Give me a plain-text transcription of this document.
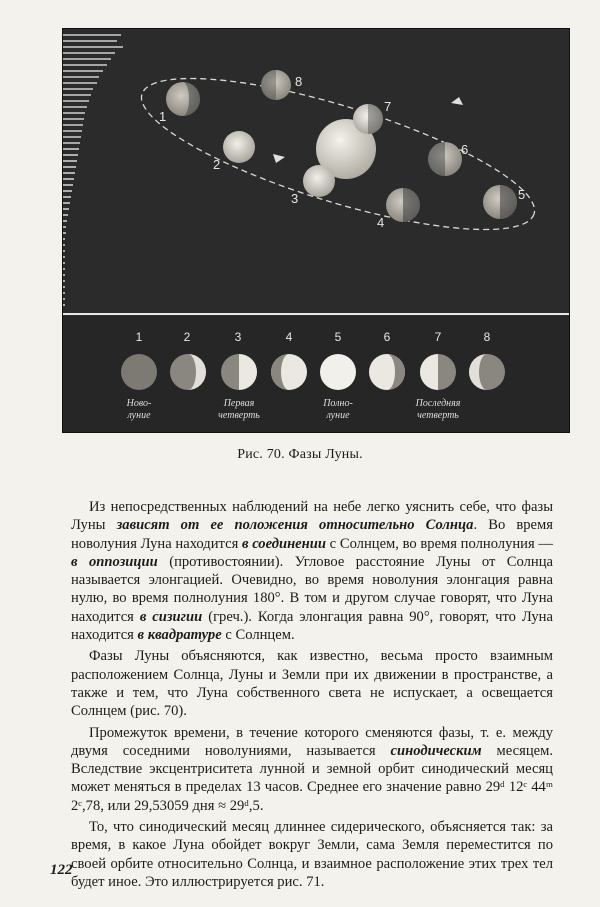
1
2
3
4
5
6
7
8
1	2	3	4	5	6	7	8
Ново-
луние
Первая
четверть
Полно-
луние
Последняя
четверть
Рис. 70. Фазы Луны.

Из непосредственных наблюдений на небе легко уяснить себе, что фазы Луны зависят от ее положения относительно Солнца. Во время новолуния Луна находится в соединении с Солнцем, во время полнолуния — в оппозиции (противостоянии). Угловое расстояние Луны от Солнца называется элонгацией. Очевидно, во время новолуния элонгация равна нулю, во время полнолуния 180°. В том и другом случае говорят, что Луна находится в сизигии (греч.). Когда элонгация равна 90°, говорят, что Луна находится в квадратуре с Солнцем.

Фазы Луны объясняются, как известно, весьма просто взаимным расположением Солнца, Луны и Земли при их движении в пространстве, а также и тем, что Луна собственного света не испускает, а освещается Солнцем (рис. 70).

Промежуток времени, в течение которого сменяются фазы, т. е. между двумя соседними новолуниями, называется синодическим месяцем. Вследствие эксцентриситета лунной и земной орбит синодический месяц может меняться в пределах 13 часов. Среднее его значение равно 29ᵈ 12ᶜ 44ᵐ 2ᶜ,78, или 29,53059 дня ≈ 29ᵈ,5.

То, что синодический месяц длиннее сидерического, объясняется так: за время, в какое Луна обойдет вокруг Земли, сама Земля переместится по своей орбите относительно Солнца, и взаимное расположение этих трех тел будет иное. Это иллюстрируется рис. 71.

122
